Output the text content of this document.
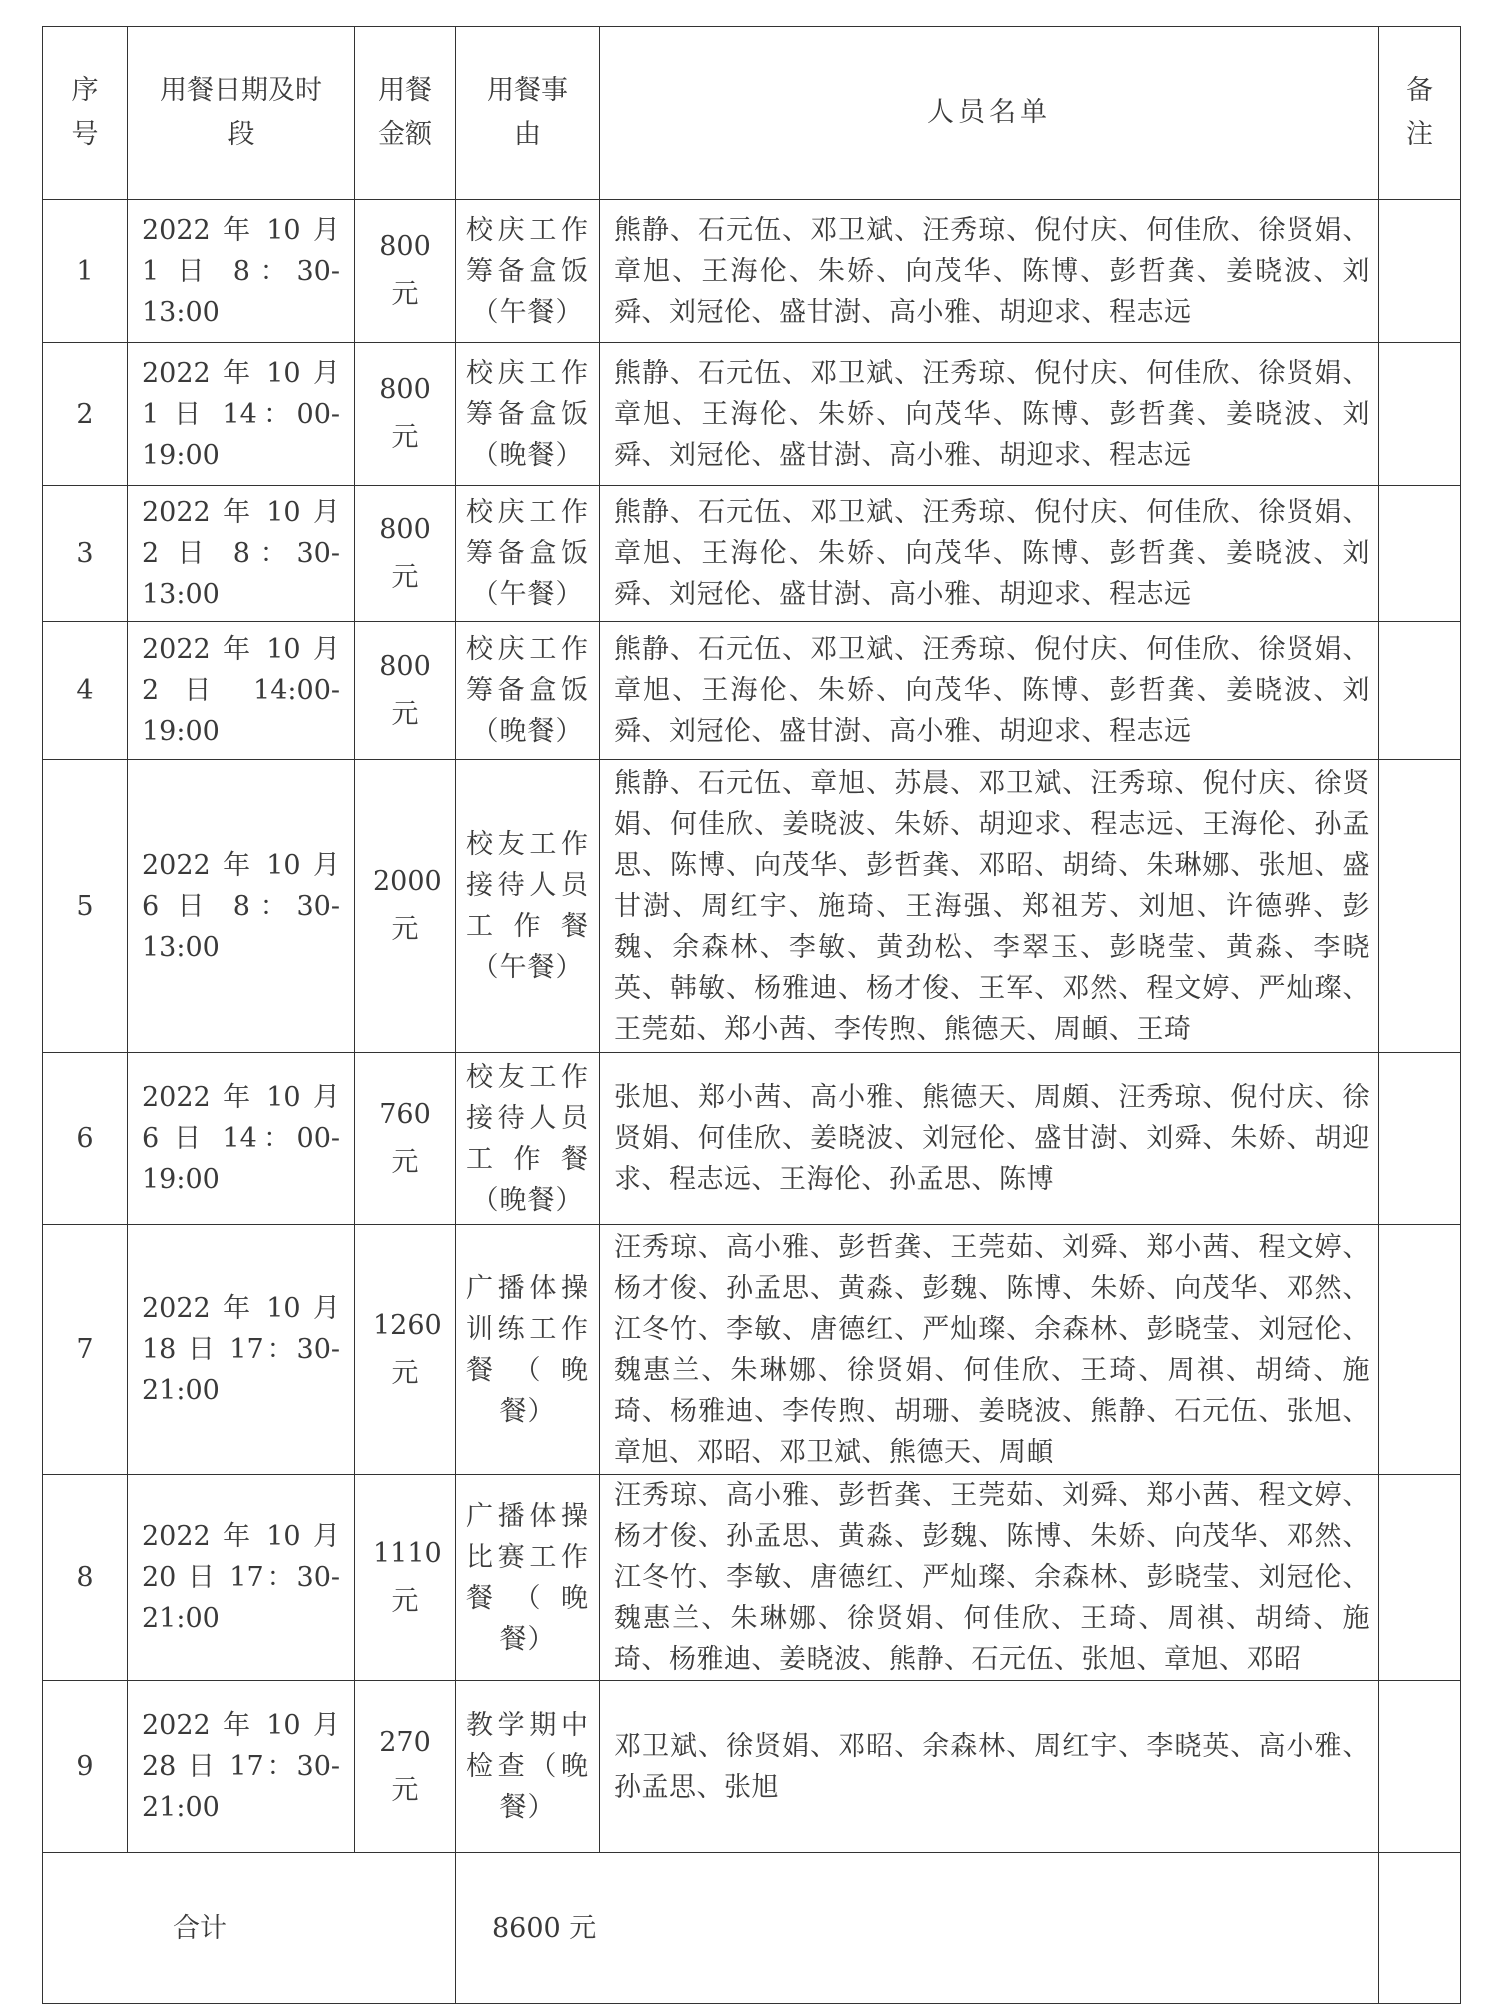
序号	用餐日期及时段	用餐金额	用餐事由	人员名单	备注
1	2022 年 10 月 1 日 8：30-13:00	800 元	校庆工作筹备盒饭（午餐）	熊静、石元伍、邓卫斌、汪秀琼、倪付庆、何佳欣、徐贤娟、章旭、王海伦、朱娇、向茂华、陈博、彭哲龚、姜晓波、刘舜、刘冠伦、盛甘澍、高小雅、胡迎求、程志远	
2	2022 年 10 月 1 日 14：00-19:00	800 元	校庆工作筹备盒饭（晚餐）	熊静、石元伍、邓卫斌、汪秀琼、倪付庆、何佳欣、徐贤娟、章旭、王海伦、朱娇、向茂华、陈博、彭哲龚、姜晓波、刘舜、刘冠伦、盛甘澍、高小雅、胡迎求、程志远	
3	2022 年 10 月 2 日 8：30-13:00	800 元	校庆工作筹备盒饭（午餐）	熊静、石元伍、邓卫斌、汪秀琼、倪付庆、何佳欣、徐贤娟、章旭、王海伦、朱娇、向茂华、陈博、彭哲龚、姜晓波、刘舜、刘冠伦、盛甘澍、高小雅、胡迎求、程志远	
4	2022 年 10 月 2 日 14:00-19:00	800 元	校庆工作筹备盒饭（晚餐）	熊静、石元伍、邓卫斌、汪秀琼、倪付庆、何佳欣、徐贤娟、章旭、王海伦、朱娇、向茂华、陈博、彭哲龚、姜晓波、刘舜、刘冠伦、盛甘澍、高小雅、胡迎求、程志远	
5	2022 年 10 月 6 日 8：30-13:00	2000 元	校友工作接待人员工作餐（午餐）	熊静、石元伍、章旭、苏晨、邓卫斌、汪秀琼、倪付庆、徐贤娟、何佳欣、姜晓波、朱娇、胡迎求、程志远、王海伦、孙孟思、陈博、向茂华、彭哲龚、邓昭、胡绮、朱琳娜、张旭、盛甘澍、周红宇、施琦、王海强、郑祖芳、刘旭、许德骅、彭魏、余森林、李敏、黄劲松、李翠玉、彭晓莹、黄淼、李晓英、韩敏、杨雅迪、杨才俊、王军、邓然、程文婷、严灿璨、王莞茹、郑小茜、李传煦、熊德天、周頔、王琦	
6	2022 年 10 月 6 日 14：00-19:00	760 元	校友工作接待人员工作餐（晚餐）	张旭、郑小茜、高小雅、熊德天、周頗、汪秀琼、倪付庆、徐贤娟、何佳欣、姜晓波、刘冠伦、盛甘澍、刘舜、朱娇、胡迎求、程志远、王海伦、孙孟思、陈博	
7	2022 年 10 月 18 日 17：30-21:00	1260 元	广播体操训练工作餐（晚餐）	汪秀琼、高小雅、彭哲龚、王莞茹、刘舜、郑小茜、程文婷、杨才俊、孙孟思、黄淼、彭魏、陈博、朱娇、向茂华、邓然、江冬竹、李敏、唐德红、严灿璨、余森林、彭晓莹、刘冠伦、魏惠兰、朱琳娜、徐贤娟、何佳欣、王琦、周祺、胡绮、施琦、杨雅迪、李传煦、胡珊、姜晓波、熊静、石元伍、张旭、章旭、邓昭、邓卫斌、熊德天、周頔	
8	2022 年 10 月 20 日 17：30-21:00	1110 元	广播体操比赛工作餐（晚餐）	汪秀琼、高小雅、彭哲龚、王莞茹、刘舜、郑小茜、程文婷、杨才俊、孙孟思、黄淼、彭魏、陈博、朱娇、向茂华、邓然、江冬竹、李敏、唐德红、严灿璨、余森林、彭晓莹、刘冠伦、魏惠兰、朱琳娜、徐贤娟、何佳欣、王琦、周祺、胡绮、施琦、杨雅迪、姜晓波、熊静、石元伍、张旭、章旭、邓昭	
9	2022 年 10 月 28 日 17：30-21:00	270 元	教学期中检查（晚餐）	邓卫斌、徐贤娟、邓昭、余森林、周红宇、李晓英、高小雅、孙孟思、张旭	
合计			8600 元		
